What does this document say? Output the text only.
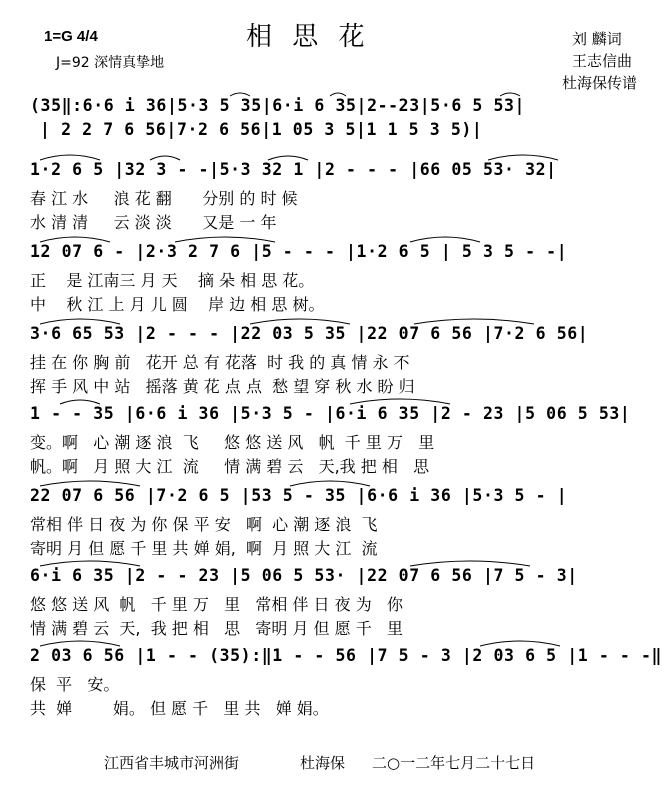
相 思 花
1=G 4/4
J=92 深情真挚地
刘 麟词
王志信曲
杜海保传谱
(35‖:6·6 i 36|5·3 5 35|6·i 6 35|2--23|5·6 5 53|
| 2 2 7 6 56|7·2 6 56|1 05 3 5|1 1 5 3 5)|
1·2 6 5 |32 3 - -|5·3 32 1 |2 - - - |66 05 53· 32|
春 江 水     浪 花 翻      分别 的 时 候
水 清 清     云 淡 淡      又是 一 年
12 07 6 - |2·3 2 7 6 |5 - - - |1·2 6 5 | 5 3 5 - -|
正    是 江南三 月 天    摘 朵 相 思 花。
中    秋 江 上 月 儿 圆    岸 边 相 思 树。
3·6 65 53 |2 - - - |22 03 5 35 |22 07 6 56 |7·2 6 56|
挂 在 你 胸 前   花开 总 有 花落  时 我 的 真 情 永 不
挥 手 风 中 站   摇落 黄 花 点 点  愁 望 穿 秋 水 盼 归
1 - - 35 |6·6 i 36 |5·3 5 - |6·i 6 35 |2 - 23 |5 06 5 53|
变。啊   心 潮 逐 浪  飞     悠 悠 送 风   帆  千 里 万   里
帆。啊   月 照 大 江  流     情 满 碧 云   天,我 把 相   思
22 07 6 56 |7·2 6 5 |53 5 - 35 |6·6 i 36 |5·3 5 - |
常相 伴 日 夜 为 你 保 平 安   啊  心 潮 逐 浪  飞
寄明 月 但 愿 千 里 共 婵 娟,  啊  月 照 大 江  流
6·i 6 35 |2 - - 23 |5 06 5 53· |22 07 6 56 |7 5 - 3|
悠 悠 送 风  帆   千 里 万   里   常相 伴 日 夜 为   你
情 满 碧 云  天,  我 把 相   思   寄明 月 但 愿 千   里
2 03 6 56 |1 - - (35):‖1 - - 56 |7 5 - 3 |2 03 6 5 |1 - - -‖
保  平   安。
共  婵        娟。 但 愿 千   里 共   婵 娟。
江西省丰城市河洲街	杜海保 二○一二年七月二十七日
